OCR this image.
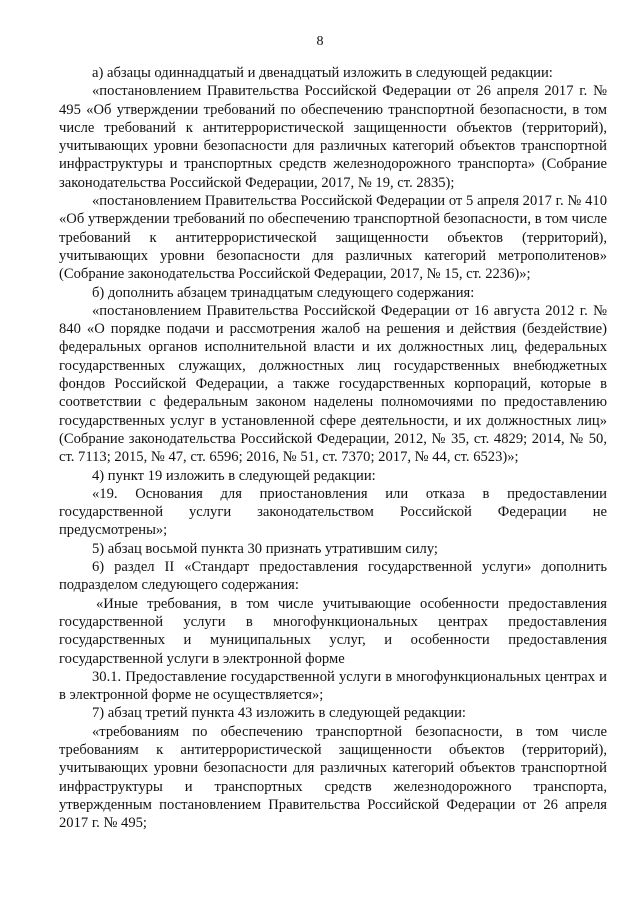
8

а) абзацы одиннадцатый и двенадцатый изложить в следующей редакции:

«постановлением Правительства Российской Федерации от 26 апреля 2017 г. № 495 «Об утверждении требований по обеспечению транспортной безопасности, в том числе требований к антитеррористической защищенности объектов (территорий), учитывающих уровни безопасности для различных категорий объектов транспортной инфраструктуры и транспортных средств железнодорожного транспорта» (Собрание законодательства Российской Федерации, 2017, № 19, ст. 2835);

«постановлением Правительства Российской Федерации от 5 апреля 2017 г. № 410 «Об утверждении требований по обеспечению транспортной безопасности, в том числе требований к антитеррористической защищенности объектов (территорий), учитывающих уровни безопасности для различных категорий метрополитенов» (Собрание законодательства Российской Федерации, 2017, № 15, ст. 2236)»;

б) дополнить абзацем тринадцатым следующего содержания:

«постановлением Правительства Российской Федерации от 16 августа 2012 г. № 840 «О порядке подачи и рассмотрения жалоб на решения и действия (бездействие) федеральных органов исполнительной власти и их должностных лиц, федеральных государственных служащих, должностных лиц государственных внебюджетных фондов Российской Федерации, а также государственных корпораций, которые в соответствии с федеральным законом наделены полномочиями по предоставлению государственных услуг в установленной сфере деятельности, и их должностных лиц» (Собрание законодательства Российской Федерации, 2012, № 35, ст. 4829; 2014, № 50, ст. 7113; 2015, № 47, ст. 6596; 2016, № 51, ст. 7370; 2017, № 44, ст. 6523)»;

4) пункт 19 изложить в следующей редакции:

«19. Основания для приостановления или отказа в предоставлении государственной услуги законодательством Российской Федерации не предусмотрены»;

5) абзац восьмой пункта 30 признать утратившим силу;

6) раздел II «Стандарт предоставления государственной услуги» дополнить подразделом следующего содержания:

«Иные требования, в том числе учитывающие особенности предоставления государственной услуги в многофункциональных центрах предоставления государственных и муниципальных услуг, и особенности предоставления государственной услуги в электронной форме

30.1. Предоставление государственной услуги в многофункциональных центрах и в электронной форме не осуществляется»;

7) абзац третий пункта 43 изложить в следующей редакции:

«требованиям по обеспечению транспортной безопасности, в том числе требованиям к антитеррористической защищенности объектов (территорий), учитывающих уровни безопасности для различных категорий объектов транспортной инфраструктуры и транспортных средств железнодорожного транспорта, утвержденным постановлением Правительства Российской Федерации от 26 апреля 2017 г. № 495;
